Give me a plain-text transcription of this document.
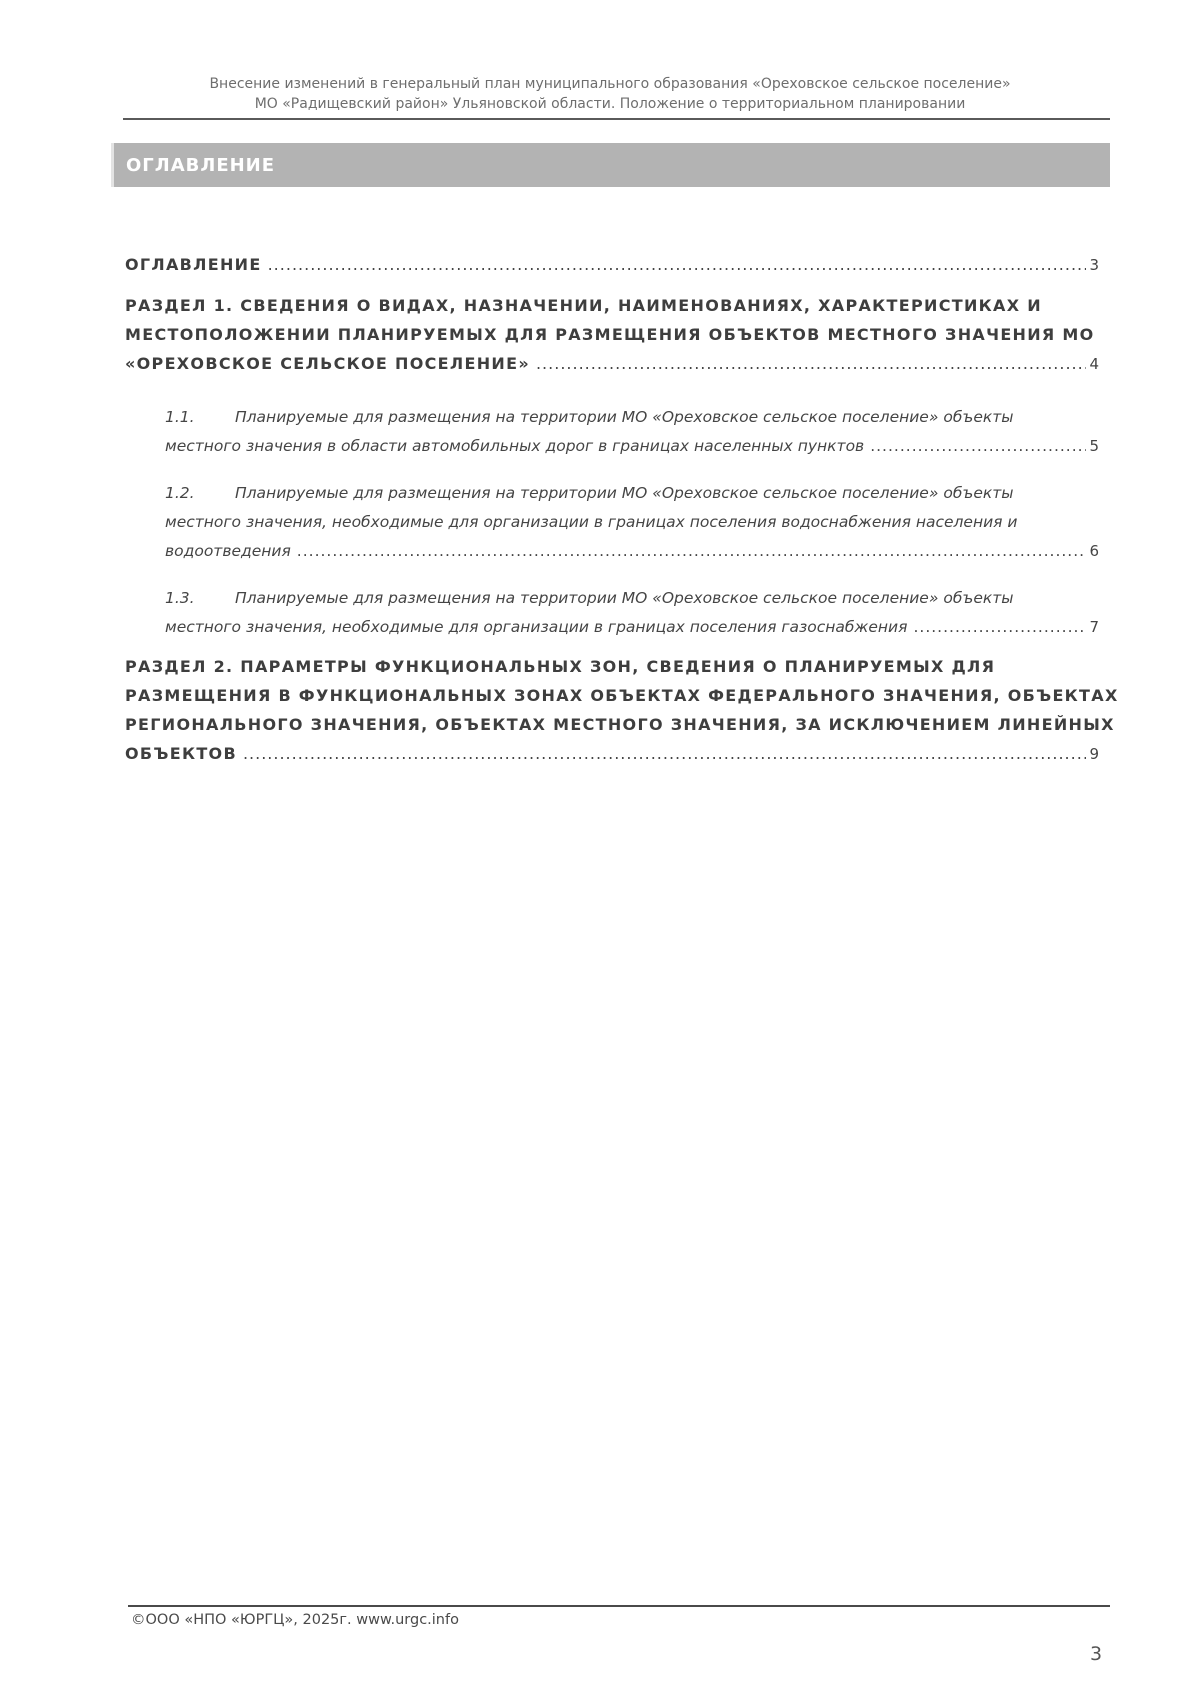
Внесение изменений в генеральный план муниципального образования «Ореховское сельское поселение»
МО «Радищевский район» Ульяновской области. Положение о территориальном планировании
ОГЛАВЛЕНИЕ
ОГЛАВЛЕНИЕ .....	3
РАЗДЕЛ 1. СВЕДЕНИЯ О ВИДАХ, НАЗНАЧЕНИИ, НАИМЕНОВАНИЯХ, ХАРАКТЕРИСТИКАХ И
МЕСТОПОЛОЖЕНИИ ПЛАНИРУЕМЫХ ДЛЯ РАЗМЕЩЕНИЯ ОБЪЕКТОВ МЕСТНОГО ЗНАЧЕНИЯ МО
«ОРЕХОВСКОЕ СЕЛЬСКОЕ ПОСЕЛЕНИЕ» .....	4
1.1.	Планируемые для размещения на территории МО «Ореховское сельское поселение» объекты
местного значения в области автомобильных дорог в границах населенных пунктов .....	5
1.2.	Планируемые для размещения на территории МО «Ореховское сельское поселение» объекты
местного значения, необходимые для организации в границах поселения водоснабжения населения и
водоотведения .....	6
1.3.	Планируемые для размещения на территории МО «Ореховское сельское поселение» объекты
местного значения, необходимые для организации в границах поселения газоснабжения .....	7
РАЗДЕЛ 2. ПАРАМЕТРЫ ФУНКЦИОНАЛЬНЫХ ЗОН, СВЕДЕНИЯ О ПЛАНИРУЕМЫХ ДЛЯ
РАЗМЕЩЕНИЯ В ФУНКЦИОНАЛЬНЫХ ЗОНАХ ОБЪЕКТАХ ФЕДЕРАЛЬНОГО ЗНАЧЕНИЯ, ОБЪЕКТАХ
РЕГИОНАЛЬНОГО ЗНАЧЕНИЯ, ОБЪЕКТАХ МЕСТНОГО ЗНАЧЕНИЯ, ЗА ИСКЛЮЧЕНИЕМ ЛИНЕЙНЫХ
ОБЪЕКТОВ .....	9
©ООО «НПО «ЮРГЦ», 2025г. www.urgc.info
3
